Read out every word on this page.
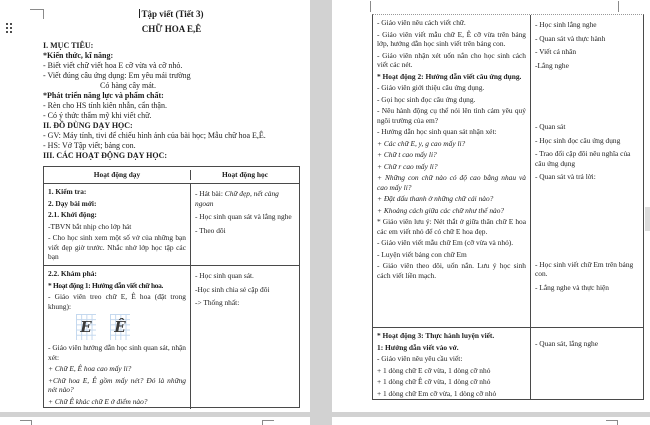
Tập viết (Tiết 3)

CHỮ HOA E,Ê

I. MỤC TIÊU:

*Kiến thức, kĩ năng:

- Biết viết chữ viết hoa E cỡ vừa và cỡ nhỏ.

- Viết đúng câu ứng dụng: Em yêu mái trường

Có hàng cây mát.

*Phát triển năng lực và phẩm chất:

- Rèn cho HS tính kiên nhẫn, cẩn thận.

- Có ý thức thẩm mỹ khi viết chữ.

II. ĐỒ DÙNG DẠY HỌC:

- GV: Máy tính, tivi để chiếu hình ảnh của bài học; Mẫu chữ hoa E,Ê.

- HS: Vở Tập viết; bảng con.

III. CÁC HOẠT ĐỘNG DẠY HỌC:

Hoạt động dạy	Hoạt động học

1. Kiểm tra:

2. Dạy bài mới:

2.1. Khởi động:

-TBVN bắt nhịp cho lớp hát

- Cho học sinh xem một số vở của những bạn viết đẹp giờ trước. Nhắc nhở lớp học tập các bạn

- Hát bài: Chữ đẹp, nết càng ngoan

- Học sinh quan sát và lắng nghe

- Theo dõi

2.2. Khám phá:

* Hoạt động 1: Hướng dẫn viết chữ hoa.

- Giáo viên treo chữ E, Ê hoa (đặt trong khung):

E Ê

- Giáo viên hướng dẫn học sinh quan sát, nhận xét:

+ Chữ E, Ê hoa cao mấy li?

+Chữ hoa E, Ê gồm mấy nét? Đó là những nét nào?

+ Chữ Ê khác chữ E ở điểm nào?

- Học sinh quan sát.

-Học sinh chia sẻ cặp đôi

-> Thống nhất:

- Giáo viên nêu cách viết chữ.

- Giáo viên viết mẫu chữ E, Ê cỡ vừa trên bảng lớp, hướng dẫn học sinh viết trên bảng con.

- Giáo viên nhận xét uốn nắn cho học sinh cách viết các nét.

* Hoạt động 2: Hướng dẫn viết câu ứng dụng.

- Giáo viên giới thiệu câu ứng dụng.

- Gọi học sinh đọc câu ứng dụng.

- Nêu hành động cụ thể nói lên tình cảm yêu quý ngôi trường của em?

- Hướng dẫn học sinh quan sát nhận xét:

+ Các chữ E, y, g cao mấy li?

+ Chữ t cao mấy li?

+ Chữ r cao mấy li?

+ Những con chữ nào có độ cao bằng nhau và cao mấy li?

+ Đặt dấu thanh ở những chữ cái nào?

+ Khoảng cách giữa các chữ như thế nào?

* Giáo viên lưu ý: Nét thắt ở giữa thân chữ E hoa các em viết nhỏ để có chữ E hoa đẹp.

- Giáo viên viết mẫu chữ Em (cỡ vừa và nhỏ).

- Luyện viết bảng con chữ Em

- Giáo viên theo dõi, uốn nắn. Lưu ý học sinh cách viết liền mạch.

- Học sinh lắng nghe

- Quan sát và thực hành

- Viết cá nhân

-Lắng nghe

- Quan sát

- Học sinh đọc câu ứng dụng

- Trao đổi cặp đôi nêu nghĩa của câu ứng dụng

- Quan sát và trả lời:

- Học sinh viết chữ Em trên bảng con.

- Lắng nghe và thực hiện

* Hoạt động 3: Thực hành luyện viết.

1: Hướng dẫn viết vào vở.

- Giáo viên nêu yêu cầu viết:

+ 1 dòng chữ E cỡ vừa, 1 dòng cỡ nhỏ

+ 1 dòng chữ Ê cỡ vừa, 1 dòng cỡ nhỏ

+ 1 dòng chữ Em cỡ vừa, 1 dòng cỡ nhỏ

- Quan sát, lắng nghe
